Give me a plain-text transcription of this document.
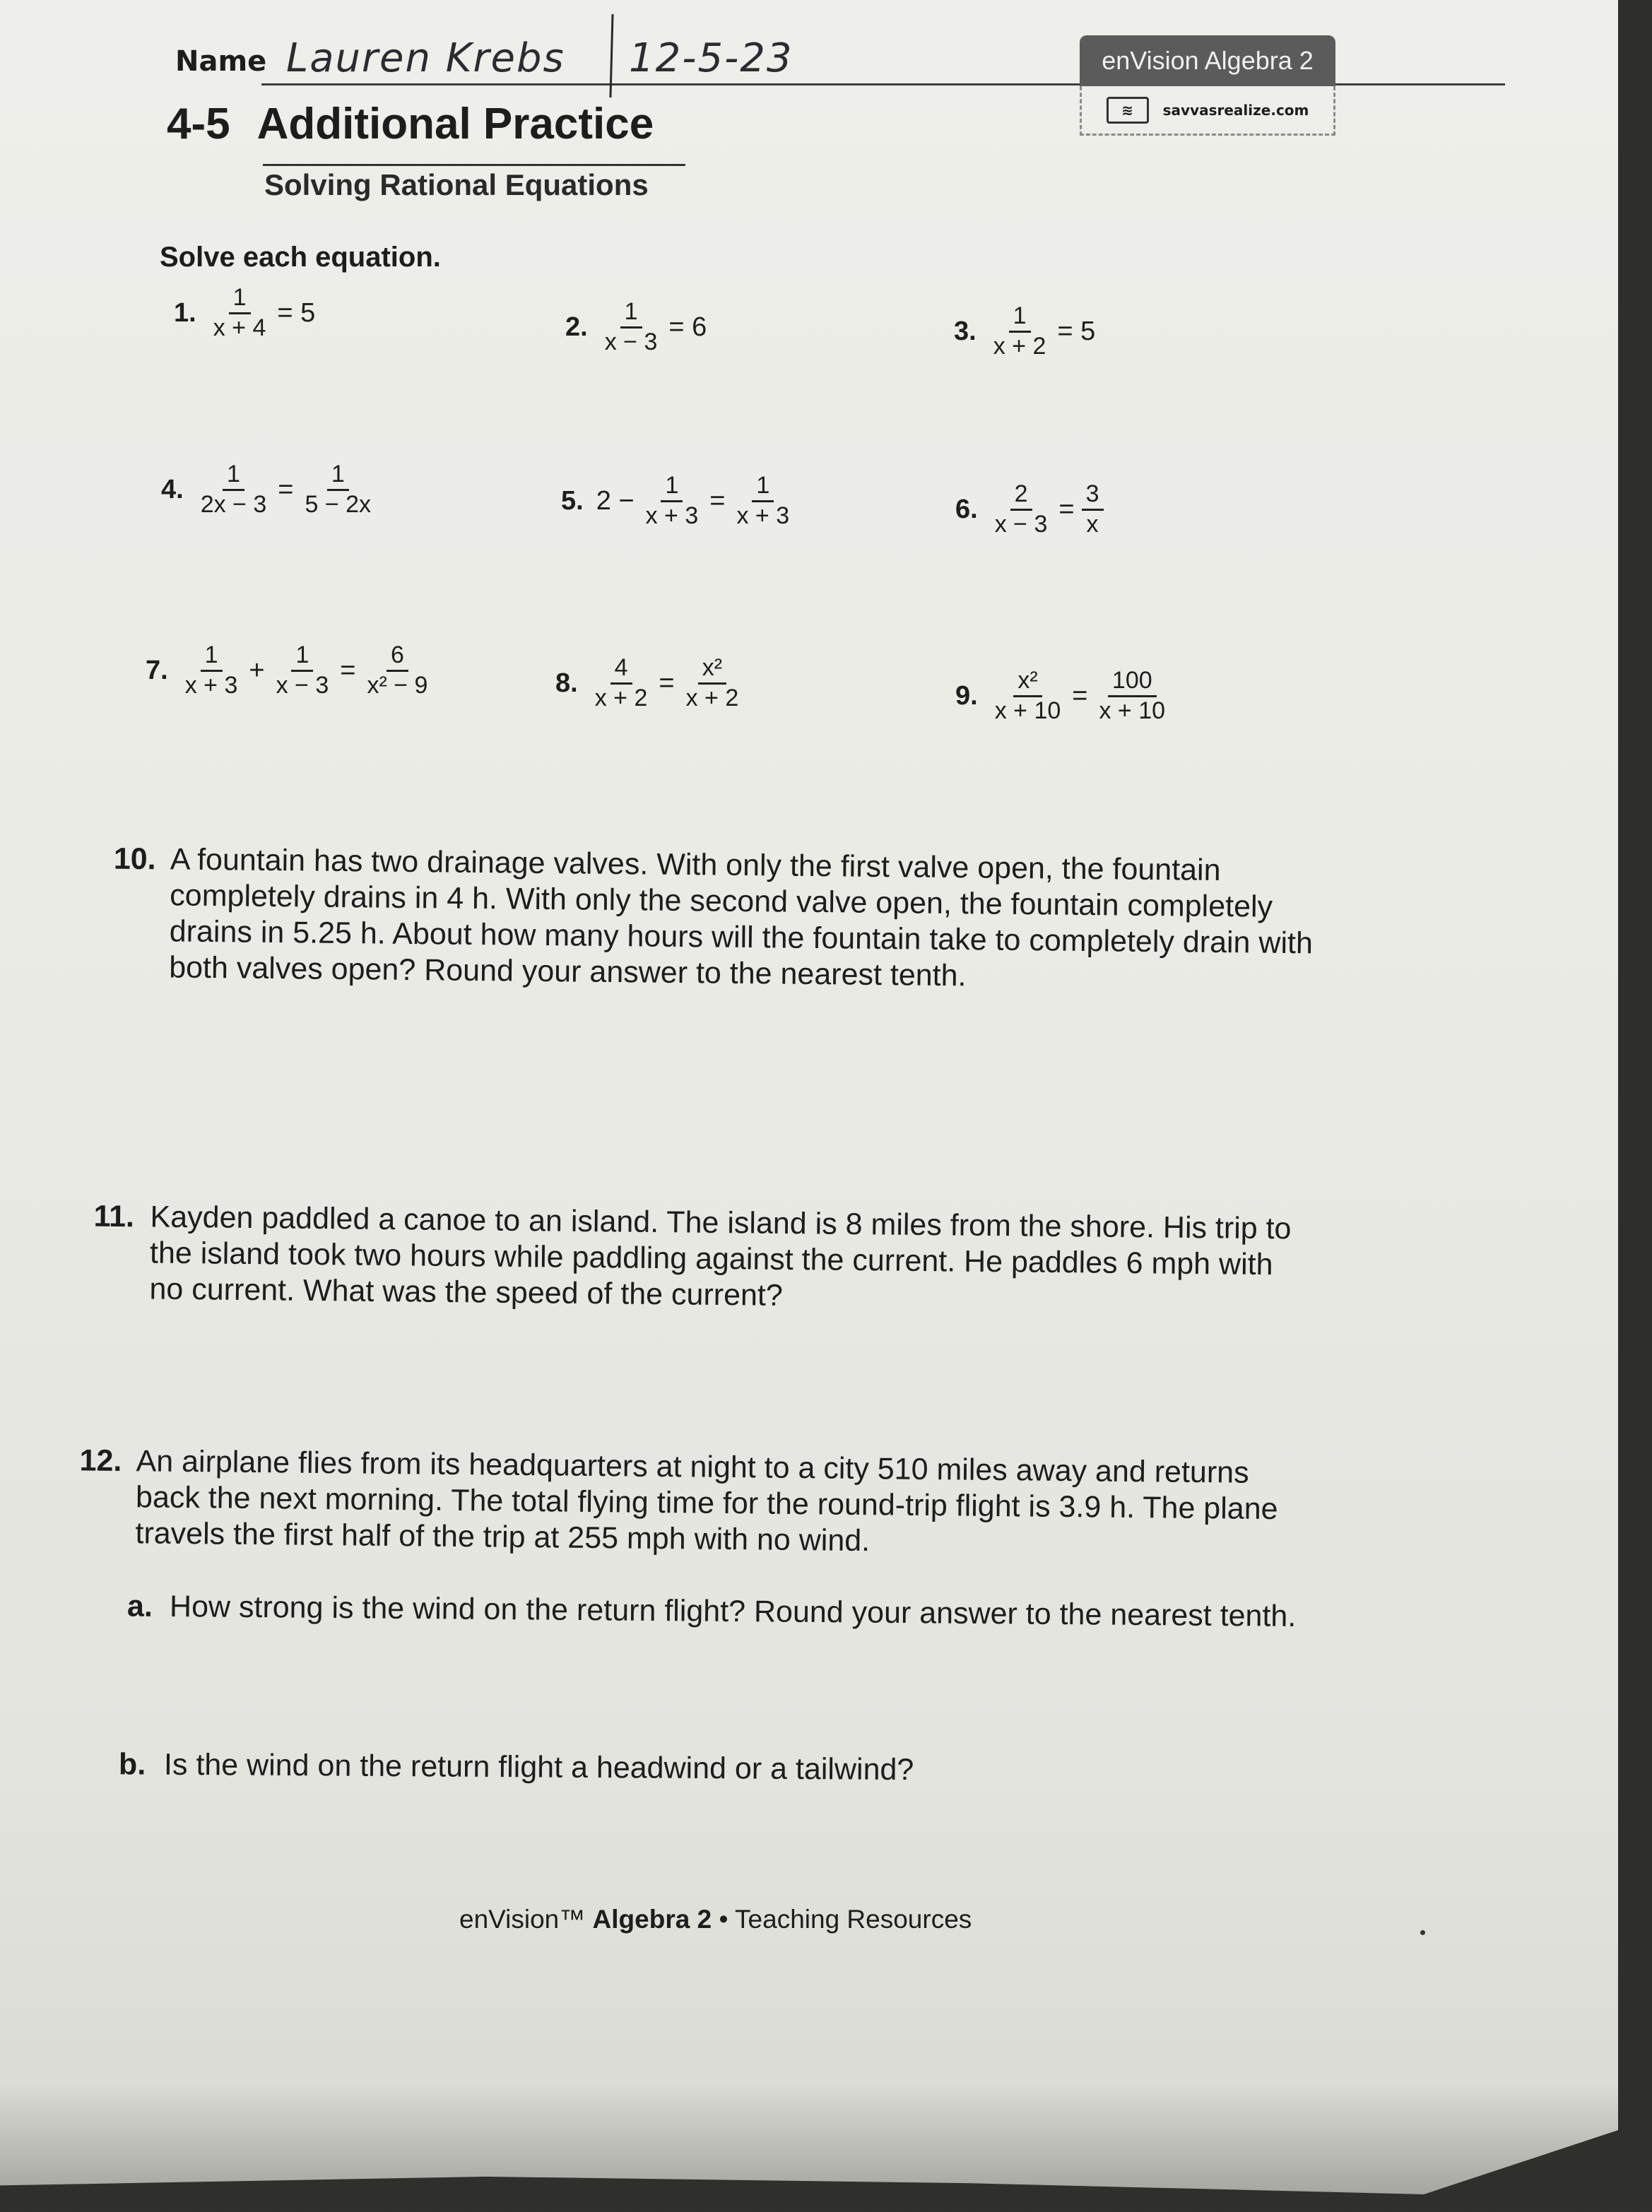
Name Lauren Krebs 12-5-23	enVision Algebra 2
≋	savvasrealize.com
4-5 Additional Practice
Solving Rational Equations
Solve each equation.
1. $\frac{1}{x + 4} = 5$	2. $\frac{1}{x - 3} = 6$	3. $\frac{1}{x + 2} = 5$
4. $\frac{1}{2x - 3} = \frac{1}{5 - 2x}$	5. $2 - \frac{1}{x + 3} = \frac{1}{x + 3}$	6. $\frac{2}{x - 3} = \frac{3}{x}$
7. $\frac{1}{x + 3} + \frac{1}{x - 3} = \frac{6}{\text{x² − 9}}$	8. $\frac{4}{x + 2} = \frac{\text{x²}}{x + 2}$	9. $\frac{\text{x²}}{x + 10} = \frac{100}{x + 10}$
10. A fountain has two drainage valves. With only the first valve open, the fountain completely drains in 4 h. With only the second valve open, the fountain completely drains in 5.25 h. About how many hours will the fountain take to completely drain with both valves open? Round your answer to the nearest tenth.
11. Kayden paddled a canoe to an island. The island is 8 miles from the shore. His trip to the island took two hours while paddling against the current. He paddles 6 mph with no current. What was the speed of the current?
12. An airplane flies from its headquarters at night to a city 510 miles away and returns back the next morning. The total flying time for the round-trip flight is 3.9 h. The plane travels the first half of the trip at 255 mph with no wind.
a. How strong is the wind on the return flight? Round your answer to the nearest tenth.
b. Is the wind on the return flight a headwind or a tailwind?
enVision™ Algebra 2 • Teaching Resources
